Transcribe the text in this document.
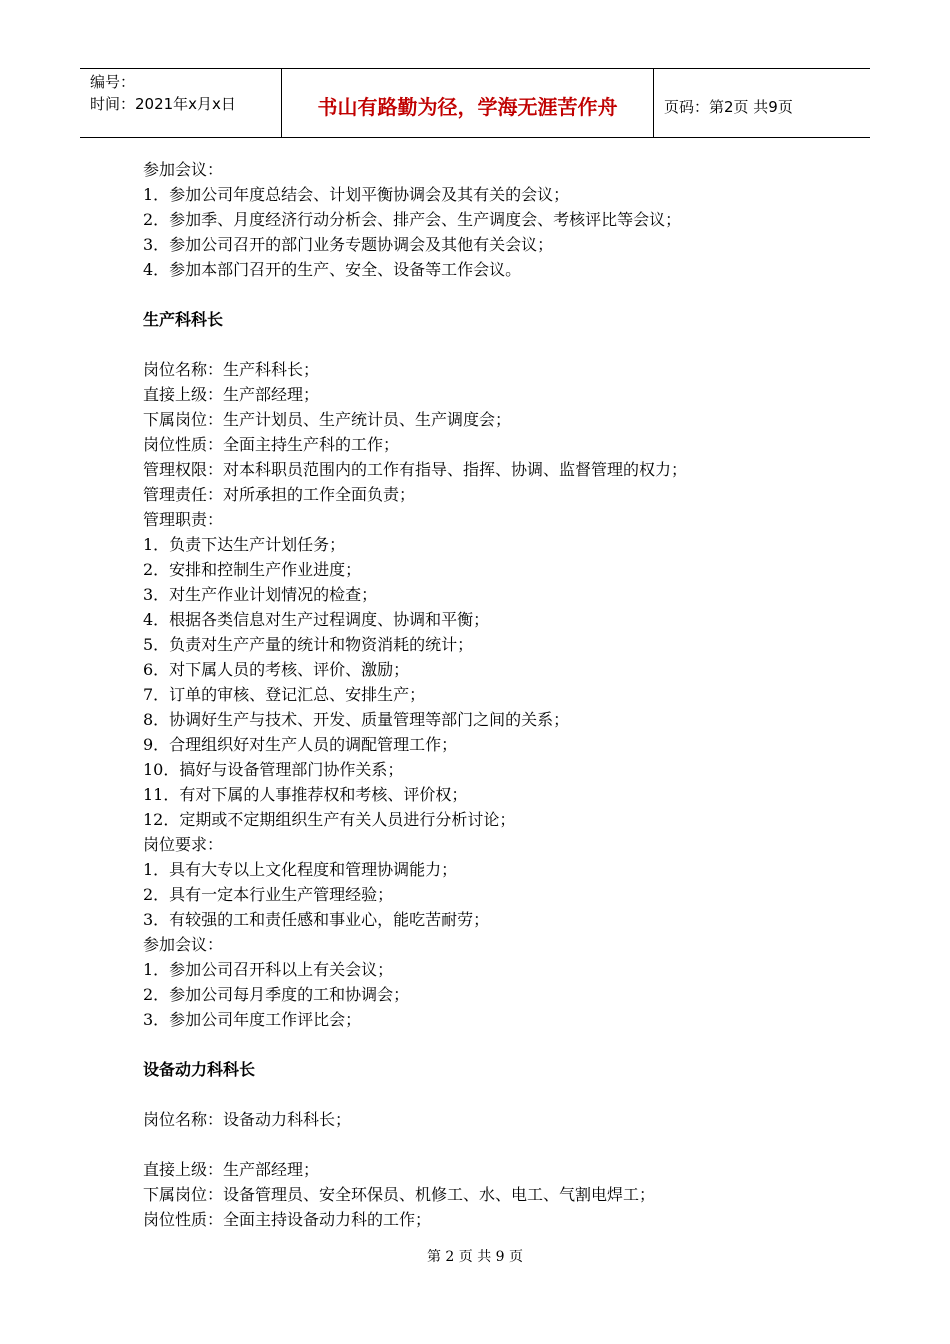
编号：
时间：2021年x月x日	书山有路勤为径，学海无涯苦作舟	页码：第2页 共9页
参加会议：
1．参加公司年度总结会、计划平衡协调会及其有关的会议；
2．参加季、月度经济行动分析会、排产会、生产调度会、考核评比等会议；
3．参加公司召开的部门业务专题协调会及其他有关会议；
4．参加本部门召开的生产、安全、设备等工作会议。
生产科科长
岗位名称：生产科科长；
直接上级：生产部经理；
下属岗位：生产计划员、生产统计员、生产调度会；
岗位性质：全面主持生产科的工作；
管理权限：对本科职员范围内的工作有指导、指挥、协调、监督管理的权力；
管理责任：对所承担的工作全面负责；
管理职责：
1．负责下达生产计划任务；
2．安排和控制生产作业进度；
3．对生产作业计划情况的检查；
4．根据各类信息对生产过程调度、协调和平衡；
5．负责对生产产量的统计和物资消耗的统计；
6．对下属人员的考核、评价、激励；
7．订单的审核、登记汇总、安排生产；
8．协调好生产与技术、开发、质量管理等部门之间的关系；
9．合理组织好对生产人员的调配管理工作；
10．搞好与设备管理部门协作关系；
11．有对下属的人事推荐权和考核、评价权；
12．定期或不定期组织生产有关人员进行分析讨论；
岗位要求：
1．具有大专以上文化程度和管理协调能力；
2．具有一定本行业生产管理经验；
3．有较强的工和责任感和事业心，能吃苦耐劳；
参加会议：
1．参加公司召开科以上有关会议；
2．参加公司每月季度的工和协调会；
3．参加公司年度工作评比会；
设备动力科科长
岗位名称：设备动力科科长；
直接上级：生产部经理；
下属岗位：设备管理员、安全环保员、机修工、水、电工、气割电焊工；
岗位性质：全面主持设备动力科的工作；
第 2 页 共 9 页
